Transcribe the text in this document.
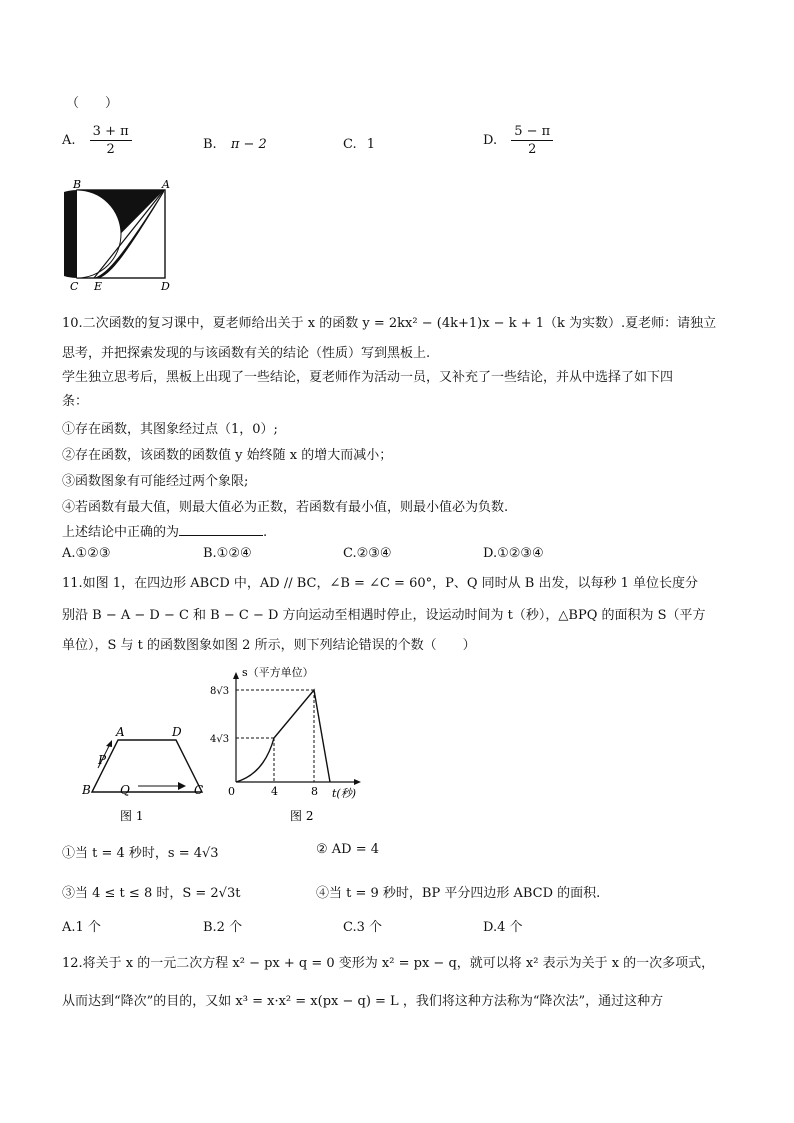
（　　）
A. $\frac{3 + \pi}{2}$	B. π − 2	C. 1	D. $\frac{5 - \pi}{2}$
B	A
C E	D
10.二次函数的复习课中，夏老师给出关于 x 的函数 y = 2kx² − (4k+1)x − k + 1（k 为实数）.夏老师：请独立
思考，并把探索发现的与该函数有关的结论（性质）写到黑板上.
学生独立思考后，黑板上出现了一些结论，夏老师作为活动一员，又补充了一些结论，并从中选择了如下四
条：
①存在函数，其图象经过点（1，0）;
②存在函数，该函数的函数值 y 始终随 x 的增大而减小；
③函数图象有可能经过两个象限;
④若函数有最大值，则最大值必为正数，若函数有最小值，则最小值必为负数.
上述结论中正确的为	.
A.①②③	B.①②④	C.②③④	D.①②③④
11.如图 1，在四边形 ABCD 中，AD // BC，∠B = ∠C = 60°，P、Q 同时从 B 出发，以每秒 1 单位长度分
别沿 B − A − D − C 和 B − C − D 方向运动至相遇时停止，设运动时间为 t（秒），△BPQ 的面积为 S（平方
单位），S 与 t 的函数图象如图 2 所示，则下列结论错误的个数（　　）
A	D
P
B Q	C
图 1
s（平方单位）
8√3
4√3
0	4	8 t(秒)
图 2
①当 t = 4 秒时，s = 4√3	② AD = 4
③当 4 ≤ t ≤ 8 时，S = 2√3t	④当 t = 9 秒时，BP 平分四边形 ABCD 的面积.
A.1 个	B.2 个	C.3 个	D.4 个
12.将关于 x 的一元二次方程 x² − px + q = 0 变形为 x² = px − q，就可以将 x² 表示为关于 x 的一次多项式，
从而达到“降次”的目的，又如 x³ = x·x² = x(px − q) = L ，我们将这种方法称为“降次法”，通过这种方
